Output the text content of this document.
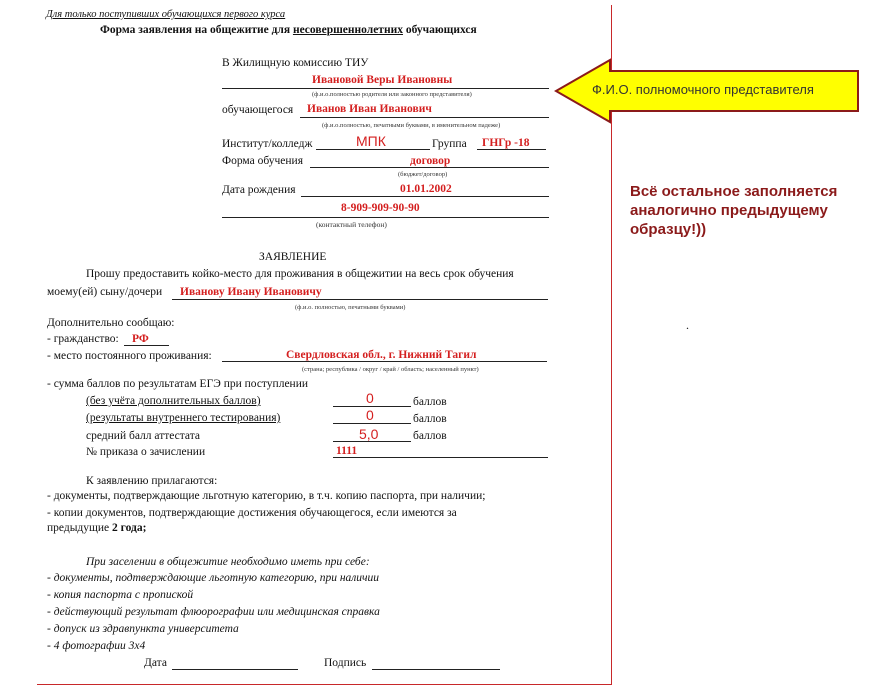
Для только поступивших обучающихся первого курса
Форма заявления на общежитие для несовершеннолетних обучающихся
В Жилищную комиссию ТИУ
Ивановой Веры Ивановны
(ф.и.о.полностью родителя или законного представителя)
обучающегося Иванов Иван Иванович
(ф.и.о.полностью, печатными буквами, в именительном падеже)
Институт/колледж	МПК	Группа ГНГр -18
Форма обучения	договор
(бюджет/договор)
Дата рождения	01.01.2002
8-909-909-90-90
(контактный телефон)
ЗАЯВЛЕНИЕ
Прошу предоставить койко-место для проживания в общежитии на весь срок обучения
моему(ей) сыну/дочери Иванову Ивану Ивановичу
(ф.и.о. полностью, печатными буквами)
Дополнительно сообщаю:
- гражданство: РФ
- место постоянного проживания:	Свердловская обл., г. Нижний Тагил
(страна; республика / округ / край / область; населенный пункт)
- сумма баллов по результатам ЕГЭ при поступлении
(без учёта дополнительных баллов)	0	баллов
(результаты внутреннего тестирования)	0	баллов
средний балл аттестата	5,0	баллов
№ приказа о зачислении	1111
К заявлению прилагаются:
- документы, подтверждающие льготную категорию, в т.ч. копию паспорта, при наличии;
- копии документов, подтверждающие достижения обучающегося, если имеются за
предыдущие 2 года;
При заселении в общежитие необходимо иметь при себе:
- документы, подтверждающие льготную категорию, при наличии
- копия паспорта с пропиской
- действующий результат флюорографии или медицинская справка
- допуск из здравпункта университета
- 4 фотографии 3х4
Дата	Подпись
Ф.И.О. полномочного представителя
Всё остальное заполняется аналогично предыдущему образцу!))
.
